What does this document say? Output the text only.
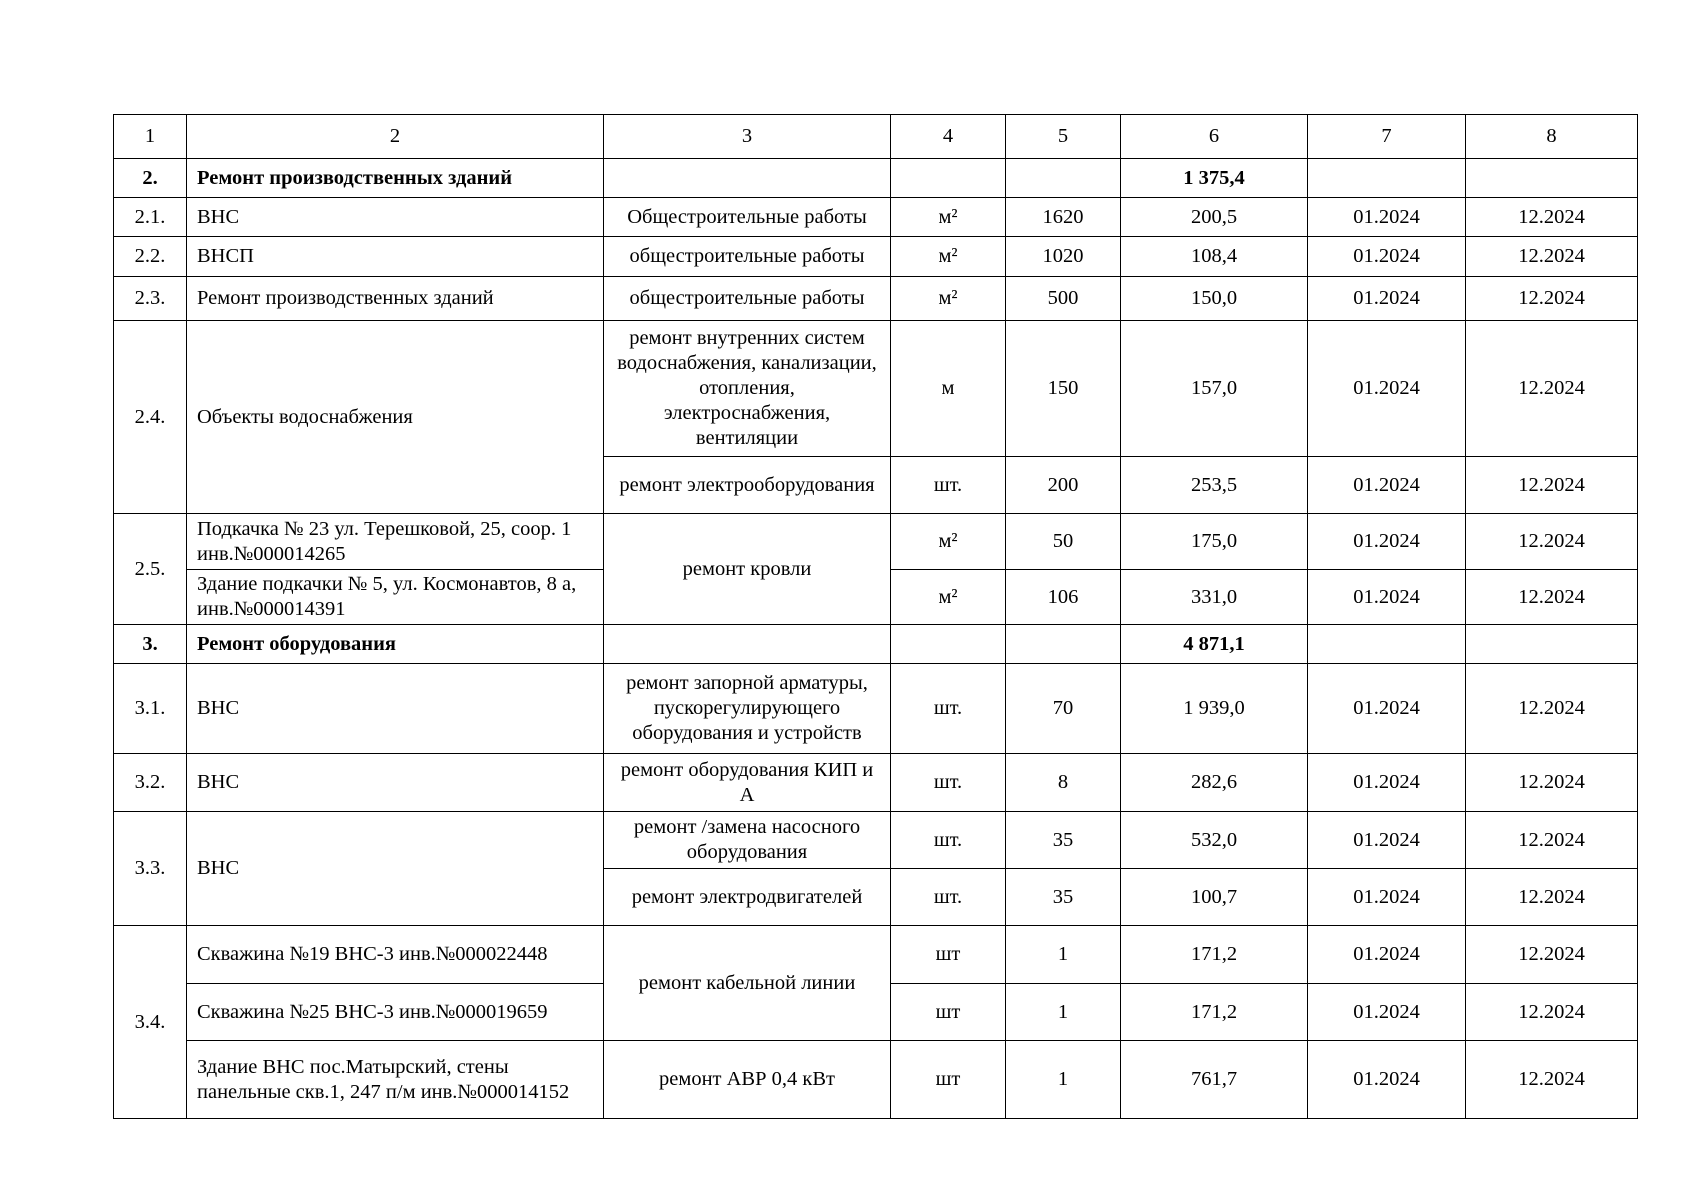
1	2	3	4	5	6	7	8
2.	Ремонт производственных зданий				1 375,4		
2.1.	ВНС	Общестроительные работы	м²	1620	200,5	01.2024	12.2024
2.2.	ВНСП	общестроительные работы	м²	1020	108,4	01.2024	12.2024
2.3.	Ремонт производственных зданий	общестроительные работы	м²	500	150,0	01.2024	12.2024
2.4.	Объекты водоснабжения	ремонт внутренних систем водоснабжения, канализации, отопления, электроснабжения, вентиляции	м	150	157,0	01.2024	12.2024
		ремонт электрооборудования	шт.	200	253,5	01.2024	12.2024
2.5.	Подкачка № 23 ул. Терешковой, 25, соор. 1 инв.№000014265	ремонт кровли	м²	50	175,0	01.2024	12.2024
	Здание подкачки № 5, ул. Космонавтов, 8 а, инв.№000014391		м²	106	331,0	01.2024	12.2024
3.	Ремонт оборудования				4 871,1		
3.1.	ВНС	ремонт запорной арматуры, пускорегулирующего оборудования и устройств	шт.	70	1 939,0	01.2024	12.2024
3.2.	ВНС	ремонт оборудования КИП и А	шт.	8	282,6	01.2024	12.2024
3.3.	ВНС	ремонт /замена насосного оборудования	шт.	35	532,0	01.2024	12.2024
		ремонт электродвигателей	шт.	35	100,7	01.2024	12.2024
3.4.	Скважина №19 ВНС-3 инв.№000022448	ремонт кабельной линии	шт	1	171,2	01.2024	12.2024
	Скважина №25 ВНС-3 инв.№000019659		шт	1	171,2	01.2024	12.2024
	Здание ВНС пос.Матырский, стены панельные скв.1, 247 п/м инв.№000014152	ремонт АВР 0,4 кВт	шт	1	761,7	01.2024	12.2024
